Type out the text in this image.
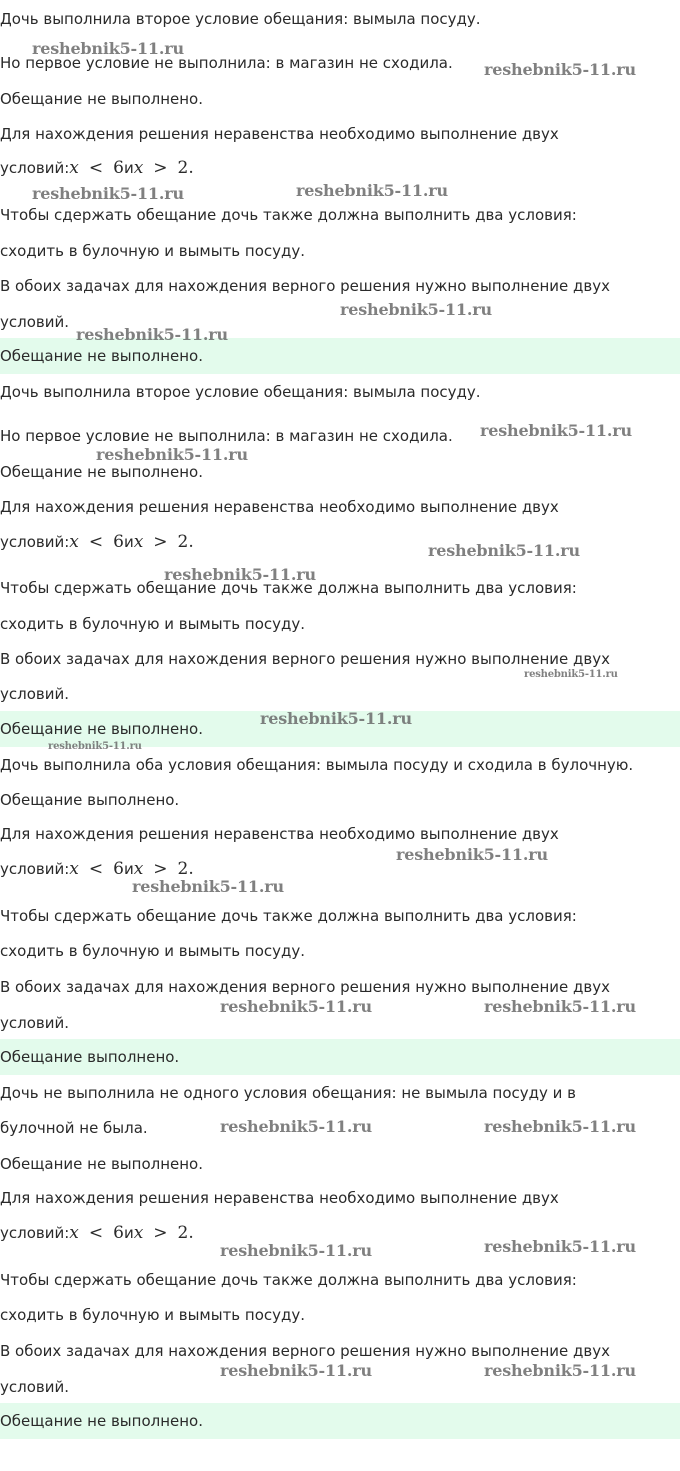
Дочь выполнила второе условие обещания: вымыла посуду.
Но первое условие не выполнила: в магазин не сходила.
Обещание не выполнено.
Для нахождения решения неравенства необходимо выполнение двух
условий:x < 6иx > 2.
Чтобы сдержать обещание дочь также должна выполнить два условия:
сходить в булочную и вымыть посуду.
В обоих задачах для нахождения верного решения нужно выполнение двух
условий.
Обещание не выполнено.
Дочь выполнила второе условие обещания: вымыла посуду.
Но первое условие не выполнила: в магазин не сходила.
Обещание не выполнено.
Для нахождения решения неравенства необходимо выполнение двух
условий:x < 6иx > 2.
Чтобы сдержать обещание дочь также должна выполнить два условия:
сходить в булочную и вымыть посуду.
В обоих задачах для нахождения верного решения нужно выполнение двух
условий.
Обещание не выполнено.
Дочь выполнила оба условия обещания: вымыла посуду и сходила в булочную.
Обещание выполнено.
Для нахождения решения неравенства необходимо выполнение двух
условий:x < 6иx > 2.
Чтобы сдержать обещание дочь также должна выполнить два условия:
сходить в булочную и вымыть посуду.
В обоих задачах для нахождения верного решения нужно выполнение двух
условий.
Обещание выполнено.
Дочь не выполнила не одного условия обещания: не вымыла посуду и в
булочной не была.
Обещание не выполнено.
Для нахождения решения неравенства необходимо выполнение двух
условий:x < 6иx > 2.
Чтобы сдержать обещание дочь также должна выполнить два условия:
сходить в булочную и вымыть посуду.
В обоих задачах для нахождения верного решения нужно выполнение двух
условий.
Обещание не выполнено.
reshebnik5-11.ru
reshebnik5-11.ru
reshebnik5-11.ru	reshebnik5-11.ru
reshebnik5-11.ru
reshebnik5-11.ru
reshebnik5-11.ru
reshebnik5-11.ru
reshebnik5-11.ru
reshebnik5-11.ru
reshebnik5-11.ru
reshebnik5-11.ru
reshebnik5-11.ru
reshebnik5-11.ru
reshebnik5-11.ru
reshebnik5-11.ru	reshebnik5-11.ru
reshebnik5-11.ru	reshebnik5-11.ru
reshebnik5-11.ru	reshebnik5-11.ru
reshebnik5-11.ru	reshebnik5-11.ru
